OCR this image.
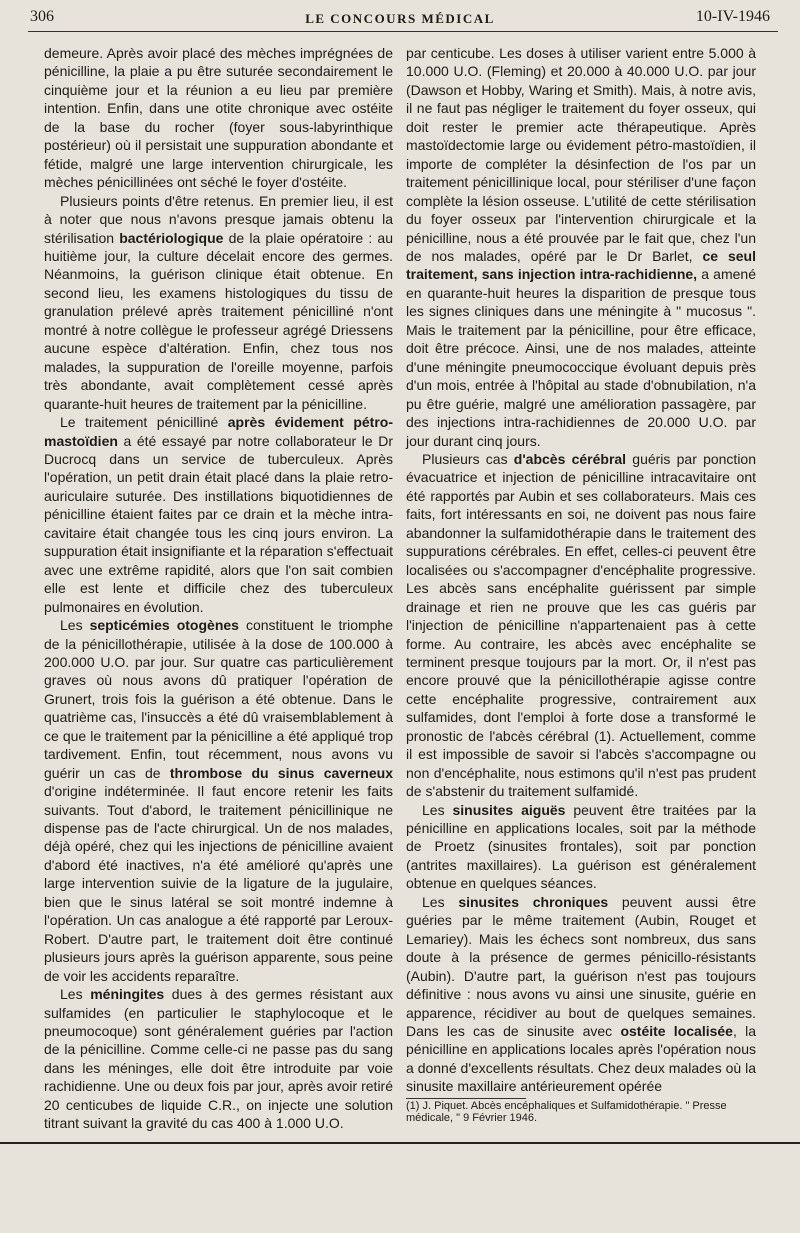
306	LE CONCOURS MÉDICAL	10-IV-1946

demeure. Après avoir placé des mèches imprégnées de pénicilline, la plaie a pu être suturée secondairement le cinquième jour et la réunion a eu lieu par première intention. Enfin, dans une otite chronique avec ostéite de la base du rocher (foyer sous-labyrinthique postérieur) où il persistait une suppuration abondante et fétide, malgré une large intervention chirurgicale, les mèches pénicillinées ont séché le foyer d'ostéite.

Plusieurs points d'être retenus. En premier lieu, il est à noter que nous n'avons presque jamais obtenu la stérilisation bactériologique de la plaie opératoire : au huitième jour, la culture décelait encore des germes. Néanmoins, la guérison clinique était obtenue. En second lieu, les examens histologiques du tissu de granulation prélevé après traitement pénicilliné n'ont montré à notre collègue le professeur agrégé Driessens aucune espèce d'altération. Enfin, chez tous nos malades, la suppuration de l'oreille moyenne, parfois très abondante, avait complètement cessé après quarante-huit heures de traitement par la pénicilline.

Le traitement pénicilliné après évidement pétro-mastoïdien a été essayé par notre collaborateur le Dr Ducrocq dans un service de tuberculeux. Après l'opération, un petit drain était placé dans la plaie retro-auriculaire suturée. Des instillations biquotidiennes de pénicilline étaient faites par ce drain et la mèche intra-cavitaire était changée tous les cinq jours environ. La suppuration était insignifiante et la réparation s'effectuait avec une extrême rapidité, alors que l'on sait combien elle est lente et difficile chez des tuberculeux pulmonaires en évolution.

Les septicémies otogènes constituent le triomphe de la pénicillothérapie, utilisée à la dose de 100.000 à 200.000 U.O. par jour. Sur quatre cas particulièrement graves où nous avons dû pratiquer l'opération de Grunert, trois fois la guérison a été obtenue. Dans le quatrième cas, l'insuccès a été dû vraisemblablement à ce que le traitement par la pénicilline a été appliqué trop tardivement. Enfin, tout récemment, nous avons vu guérir un cas de thrombose du sinus caverneux d'origine indéterminée. Il faut encore retenir les faits suivants. Tout d'abord, le traitement pénicillinique ne dispense pas de l'acte chirurgical. Un de nos malades, déjà opéré, chez qui les injections de pénicilline avaient d'abord été inactives, n'a été amélioré qu'après une large intervention suivie de la ligature de la jugulaire, bien que le sinus latéral se soit montré indemne à l'opération. Un cas analogue a été rapporté par Leroux-Robert. D'autre part, le traitement doit être continué plusieurs jours après la guérison apparente, sous peine de voir les accidents reparaître.

Les méningites dues à des germes résistant aux sulfamides (en particulier le staphylocoque et le pneumocoque) sont généralement guéries par l'action de la pénicilline. Comme celle-ci ne passe pas du sang dans les méninges, elle doit être introduite par voie rachidienne. Une ou deux fois par jour, après avoir retiré 20 centicubes de liquide C.R., on injecte une solution titrant suivant la gravité du cas 400 à 1.000 U.O.

par centicube. Les doses à utiliser varient entre 5.000 à 10.000 U.O. (Fleming) et 20.000 à 40.000 U.O. par jour (Dawson et Hobby, Waring et Smith). Mais, à notre avis, il ne faut pas négliger le traitement du foyer osseux, qui doit rester le premier acte thérapeutique. Après mastoïdectomie large ou évidement pétro-mastoïdien, il importe de compléter la désinfection de l'os par un traitement pénicillinique local, pour stériliser d'une façon complète la lésion osseuse. L'utilité de cette stérilisation du foyer osseux par l'intervention chirurgicale et la pénicilline, nous a été prouvée par le fait que, chez l'un de nos malades, opéré par le Dr Barlet, ce seul traitement, sans injection intra-rachidienne, a amené en quarante-huit heures la disparition de presque tous les signes cliniques dans une méningite à " mucosus ". Mais le traitement par la pénicilline, pour être efficace, doit être précoce. Ainsi, une de nos malades, atteinte d'une méningite pneumococcique évoluant depuis près d'un mois, entrée à l'hôpital au stade d'obnubilation, n'a pu être guérie, malgré une amélioration passagère, par des injections intra-rachidiennes de 20.000 U.O. par jour durant cinq jours.

Plusieurs cas d'abcès cérébral guéris par ponction évacuatrice et injection de pénicilline intracavitaire ont été rapportés par Aubin et ses collaborateurs. Mais ces faits, fort intéressants en soi, ne doivent pas nous faire abandonner la sulfamidothérapie dans le traitement des suppurations cérébrales. En effet, celles-ci peuvent être localisées ou s'accompagner d'encéphalite progressive. Les abcès sans encéphalite guérissent par simple drainage et rien ne prouve que les cas guéris par l'injection de pénicilline n'appartenaient pas à cette forme. Au contraire, les abcès avec encéphalite se terminent presque toujours par la mort. Or, il n'est pas encore prouvé que la pénicillothérapie agisse contre cette encéphalite progressive, contrairement aux sulfamides, dont l'emploi à forte dose a transformé le pronostic de l'abcès cérébral (1). Actuellement, comme il est impossible de savoir si l'abcès s'accompagne ou non d'encéphalite, nous estimons qu'il n'est pas prudent de s'abstenir du traitement sulfamidé.

Les sinusites aiguës peuvent être traitées par la pénicilline en applications locales, soit par la méthode de Proetz (sinusites frontales), soit par ponction (antrites maxillaires). La guérison est généralement obtenue en quelques séances.

Les sinusites chroniques peuvent aussi être guéries par le même traitement (Aubin, Rouget et Lemariey). Mais les échecs sont nombreux, dus sans doute à la présence de germes pénicillo-résistants (Aubin). D'autre part, la guérison n'est pas toujours définitive : nous avons vu ainsi une sinusite, guérie en apparence, récidiver au bout de quelques semaines. Dans les cas de sinusite avec ostéite localisée, la pénicilline en applications locales après l'opération nous a donné d'excellents résultats. Chez deux malades où la sinusite maxillaire antérieurement opérée

(1) J. Piquet. Abcès encéphaliques et Sulfamidothérapie. " Presse médicale, " 9 Février 1946.
